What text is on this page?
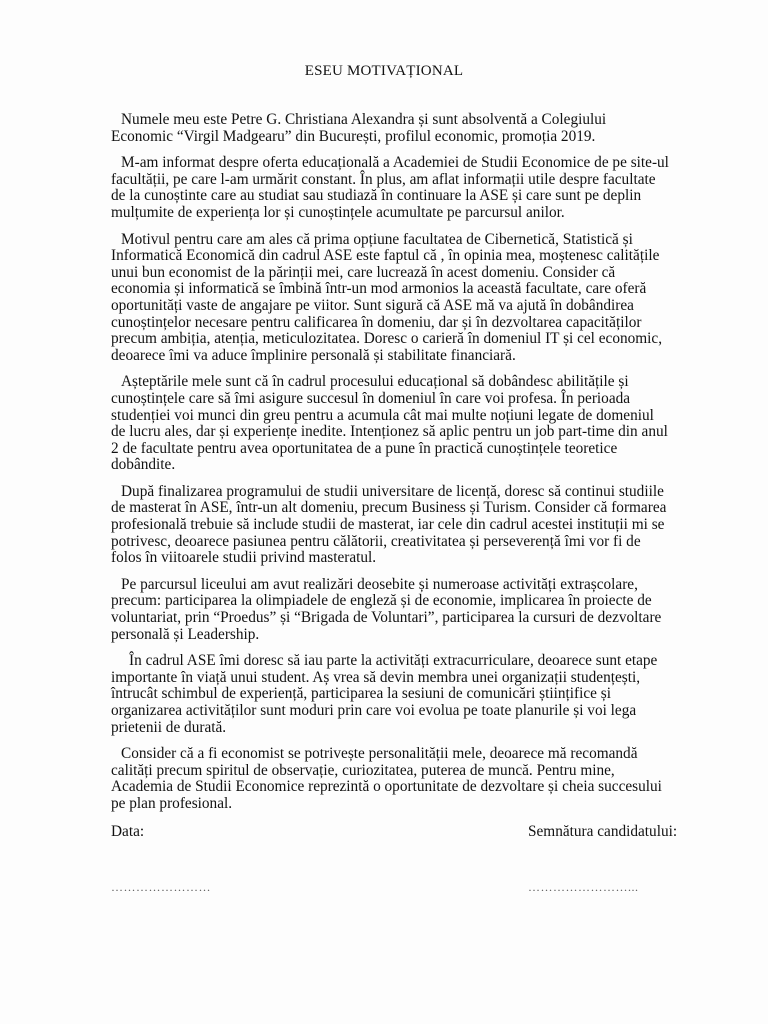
ESEU MOTIVAȚIONAL

Numele meu este Petre G. Christiana Alexandra și sunt absolventă a Colegiului Economic “Virgil Madgearu” din București, profilul economic, promoția 2019.

M-am informat despre oferta educațională a Academiei de Studii Economice de pe site-ul facultății, pe care l-am urmărit constant. În plus, am aflat informații utile despre facultate de la cunoștinte care au studiat sau studiază în continuare la ASE și care sunt pe deplin mulțumite de experiența lor și cunoștințele acumultate pe parcursul anilor.

Motivul pentru care am ales că prima opțiune facultatea de Cibernetică, Statistică și Informatică Economică din cadrul ASE este faptul că , în opinia mea, moștenesc calitățile unui bun economist de la părinții mei, care lucrează în acest domeniu. Consider că economia și informatică se îmbină într-un mod armonios la această facultate, care oferă oportunități vaste de angajare pe viitor. Sunt sigură că ASE mă va ajută în dobândirea cunoștințelor necesare pentru calificarea în domeniu, dar și în dezvoltarea capacităților precum ambiția, atenția, meticulozitatea. Doresc o carieră în domeniul IT și cel economic, deoarece îmi va aduce împlinire personală și stabilitate financiară.

Așteptările mele sunt că în cadrul procesului educațional să dobândesc abilitățile și cunoștințele care să îmi asigure succesul în domeniul în care voi profesa. În perioada studenției voi munci din greu pentru a acumula cât mai multe noțiuni legate de domeniul de lucru ales, dar și experiențe inedite. Intenționez să aplic pentru un job part-time din anul 2 de facultate pentru avea oportunitatea de a pune în practică cunoștințele teoretice dobândite.

După finalizarea programului de studii universitare de licență, doresc să continui studiile de masterat în ASE, într-un alt domeniu, precum Business și Turism. Consider că formarea profesională trebuie să include studii de masterat, iar cele din cadrul acestei instituții mi se potrivesc, deoarece pasiunea pentru călătorii, creativitatea și perseverență îmi vor fi de folos în viitoarele studii privind masteratul.

Pe parcursul liceului am avut realizări deosebite și numeroase activități extrașcolare, precum: participarea la olimpiadele de engleză și de economie, implicarea în proiecte de voluntariat, prin “Proedus” și “Brigada de Voluntari”, participarea la cursuri de dezvoltare personală și Leadership.

În cadrul ASE îmi doresc să iau parte la activități extracurriculare, deoarece sunt etape importante în viață unui student. Aș vrea să devin membra unei organizații studențești, întrucât schimbul de experiență, participarea la sesiuni de comunicări științifice și organizarea activităților sunt moduri prin care voi evolua pe toate planurile și voi lega prietenii de durată.

Consider că a fi economist se potrivește personalității mele, deoarece mă recomandă calități precum spiritul de observație, curiozitatea, puterea de muncă. Pentru mine, Academia de Studii Economice reprezintă o oportunitate de dezvoltare și cheia succesului pe plan profesional.

Data:	Semnătura candidatului:
……………………	……………………...
